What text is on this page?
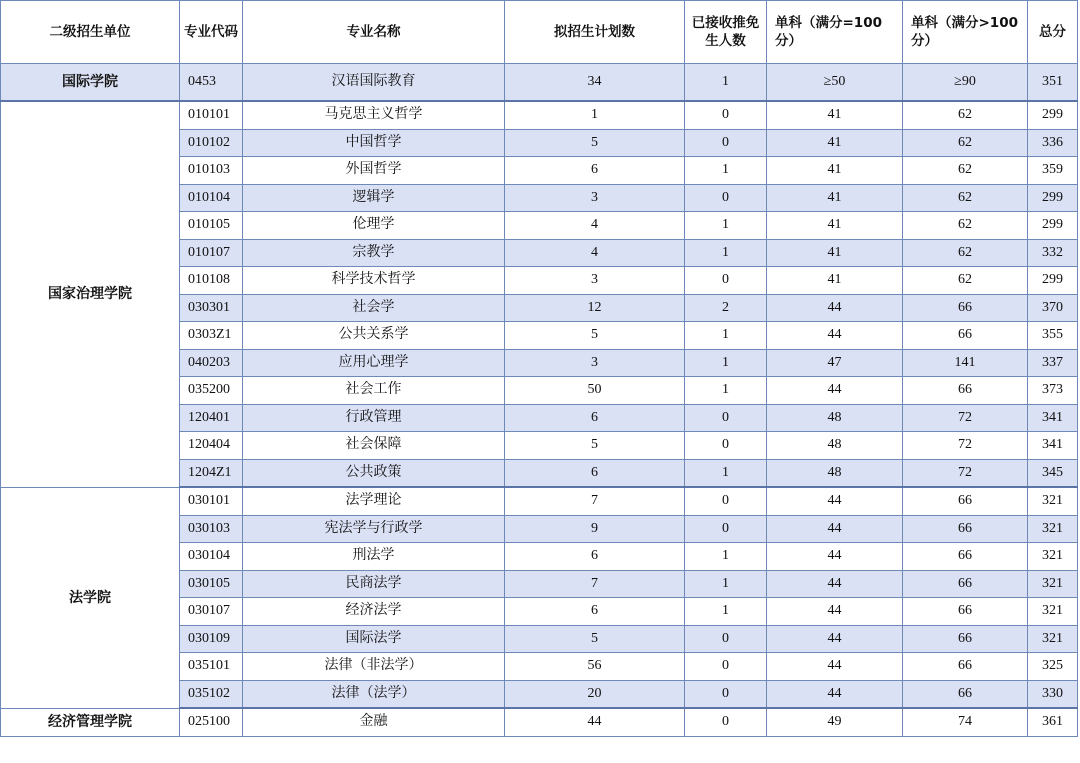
二级招生单位	专业代码	专业名称	拟招生计划数	已接收推免生人数	单科（满分=100分）	单科（满分>100分）	总分
国际学院	0453	汉语国际教育	34	1	≥50	≥90	351
国家治理学院	010101	马克思主义哲学	1	0	41	62	299
	010102	中国哲学	5	0	41	62	336
	010103	外国哲学	6	1	41	62	359
	010104	逻辑学	3	0	41	62	299
	010105	伦理学	4	1	41	62	299
	010107	宗教学	4	1	41	62	332
	010108	科学技术哲学	3	0	41	62	299
	030301	社会学	12	2	44	66	370
	0303Z1	公共关系学	5	1	44	66	355
	040203	应用心理学	3	1	47	141	337
	035200	社会工作	50	1	44	66	373
	120401	行政管理	6	0	48	72	341
	120404	社会保障	5	0	48	72	341
	1204Z1	公共政策	6	1	48	72	345
法学院	030101	法学理论	7	0	44	66	321
	030103	宪法学与行政学	9	0	44	66	321
	030104	刑法学	6	1	44	66	321
	030105	民商法学	7	1	44	66	321
	030107	经济法学	6	1	44	66	321
	030109	国际法学	5	0	44	66	321
	035101	法律（非法学）	56	0	44	66	325
	035102	法律（法学）	20	0	44	66	330
经济管理学院	025100	金融	44	0	49	74	361
